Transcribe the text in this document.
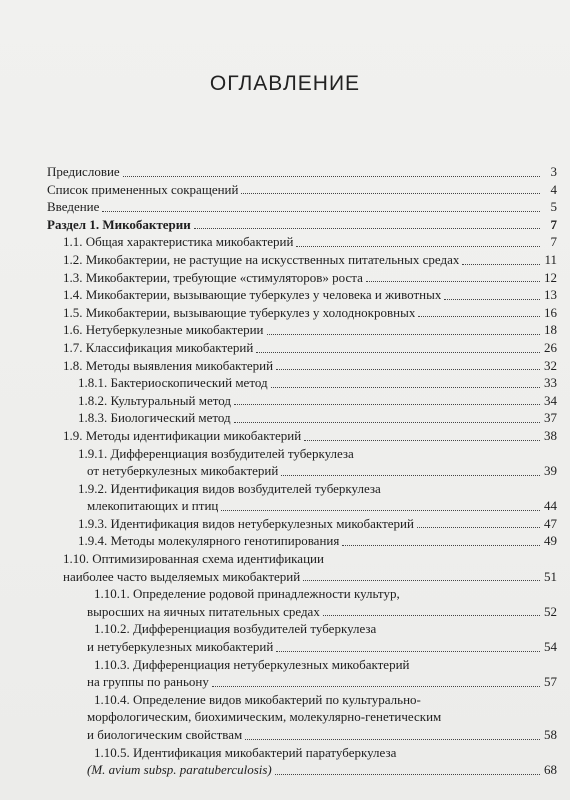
ОГЛАВЛЕНИЕ
Предисловие	3
Список примененных сокращений	4
Введение	5
Раздел 1. Микобактерии	7
1.1. Общая характеристика микобактерий	7
1.2. Микобактерии, не растущие на искусственных питательных средах	11
1.3. Микобактерии, требующие «стимуляторов» роста	12
1.4. Микобактерии, вызывающие туберкулез у человека и животных	13
1.5. Микобактерии, вызывающие туберкулез у холоднокровных	16
1.6. Нетуберкулезные микобактерии	18
1.7. Классификация микобактерий	26
1.8. Методы выявления микобактерий	32
1.8.1. Бактериоскопический метод	33
1.8.2. Культуральный метод	34
1.8.3. Биологический метод	37
1.9. Методы идентификации микобактерий	38
1.9.1. Дифференциация возбудителей туберкулеза
от нетуберкулезных микобактерий	39
1.9.2. Идентификация видов возбудителей туберкулеза
млекопитающих и птиц	44
1.9.3. Идентификация видов нетуберкулезных микобактерий	47
1.9.4. Методы молекулярного генотипирования	49
1.10. Оптимизированная схема идентификации
наиболее часто выделяемых микобактерий	51
1.10.1. Определение родовой принадлежности культур,
выросших на яичных питательных средах	52
1.10.2. Дифференциация возбудителей туберкулеза
и нетуберкулезных микобактерий	54
1.10.3. Дифференциация нетуберкулезных микобактерий
на группы по раньону	57
1.10.4. Определение видов микобактерий по культурально-
морфологическим, биохимическим, молекулярно-генетическим
и биологическим свойствам	58
1.10.5. Идентификация микобактерий паратуберкулеза
(M. avium subsp. paratuberculosis)	68
